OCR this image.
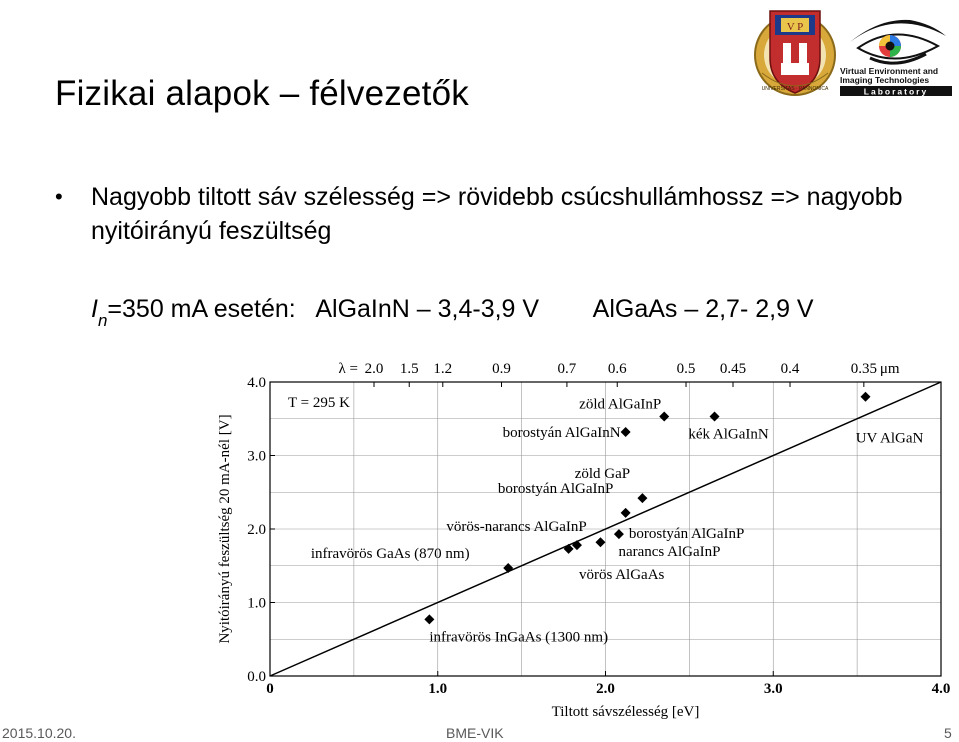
Fizikai alapok – félvezetők
• Nagyobb tiltott sáv szélesség => rövidebb csúcshullámhossz => nagyobb nyitóirányú feszültség
$I_n=350$ mA esetén: AlGaInN – 3,4-3,9 V AlGaAs – 2,7- 2,9 V
V P
UNIVERSITAS · PANNONICA
Virtual Environment and
Imaging Technologies
Laboratory
0	1.0	2.0	3.0	4.0
0.0
1.0
2.0
3.0
4.0
2.0 1.5 1.2	0.9	0.7 0.6	0.5 0.45 0.4	0.35
infravörös InGaAs (1300 nm)
infravörös GaAs (870 nm)
vörös-narancs AlGaInP
vörös AlGaAs
narancs AlGaInP
borostyán AlGaInP
borostyán AlGaInP
zöld GaP
borostyán AlGaInN
zöld AlGaInP
kék AlGaInN	UV AlGaN
T = 295 K
Tiltott sávszélesség [eV]
Nyitóirányú feszültség 20 mA-nél [V]
λ =	μm
2015.10.20.	BME-VIK	5
